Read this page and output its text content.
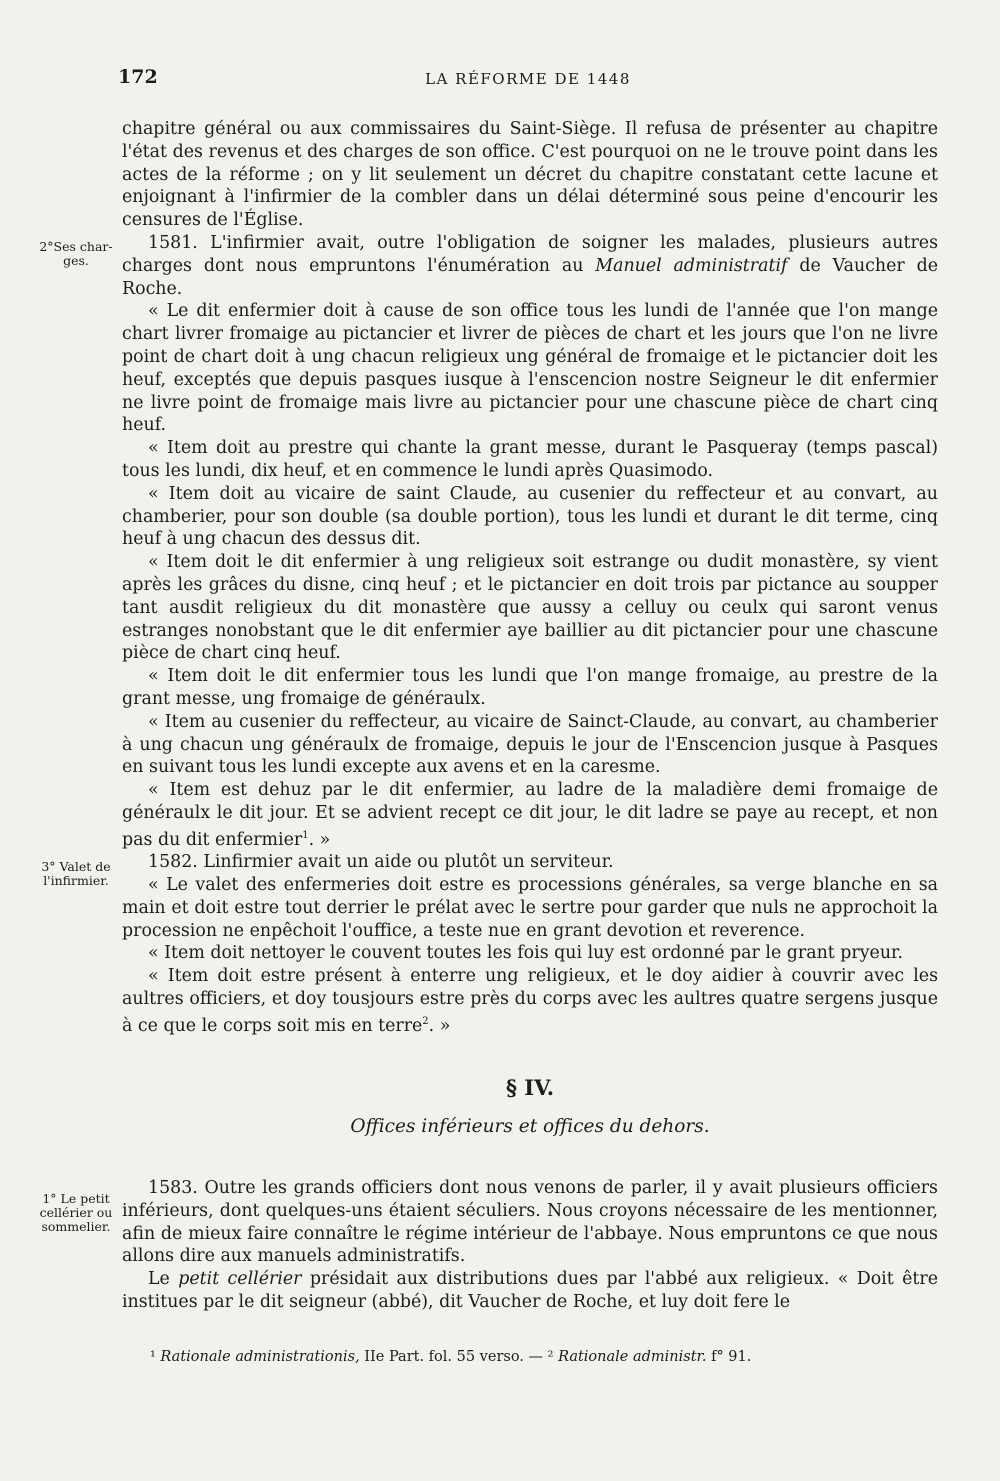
172	LA RÉFORME DE 1448
2°Ses char-ges.
3° Valet de l'infirmier.
1° Le petit cellérier ou sommelier.

chapitre général ou aux commissaires du Saint-Siège. Il refusa de présenter au chapitre l'état des revenus et des charges de son office. C'est pourquoi on ne le trouve point dans les actes de la réforme ; on y lit seulement un décret du chapitre constatant cette lacune et enjoignant à l'infirmier de la combler dans un délai déterminé sous peine d'encourir les censures de l'Église.

1581. L'infirmier avait, outre l'obligation de soigner les malades, plusieurs autres charges dont nous empruntons l'énumération au Manuel administratif de Vaucher de Roche.

« Le dit enfermier doit à cause de son office tous les lundi de l'année que l'on mange chart livrer fromaige au pictancier et livrer de pièces de chart et les jours que l'on ne livre point de chart doit à ung chacun religieux ung général de fromaige et le pictancier doit les heuf, exceptés que depuis pasques iusque à l'enscencion nostre Seigneur le dit enfermier ne livre point de fromaige mais livre au pictancier pour une chascune pièce de chart cinq heuf.

« Item doit au prestre qui chante la grant messe, durant le Pasqueray (temps pascal) tous les lundi, dix heuf, et en commence le lundi après Quasimodo.

« Item doit au vicaire de saint Claude, au cusenier du reffecteur et au convart, au chamberier, pour son double (sa double portion), tous les lundi et durant le dit terme, cinq heuf à ung chacun des dessus dit.

« Item doit le dit enfermier à ung religieux soit estrange ou dudit monastère, sy vient après les grâces du disne, cinq heuf ; et le pictancier en doit trois par pictance au soupper tant ausdit religieux du dit monastère que aussy a celluy ou ceulx qui saront venus estranges nonobstant que le dit enfermier aye baillier au dit pictancier pour une chascune pièce de chart cinq heuf.

« Item doit le dit enfermier tous les lundi que l'on mange fromaige, au prestre de la grant messe, ung fromaige de généraulx.

« Item au cusenier du reffecteur, au vicaire de Sainct-Claude, au convart, au chamberier à ung chacun ung généraulx de fromaige, depuis le jour de l'Enscencion jusque à Pasques en suivant tous les lundi excepte aux avens et en la caresme.

« Item est dehuz par le dit enfermier, au ladre de la maladière demi fromaige de généraulx le dit jour. Et se advient recept ce dit jour, le dit ladre se paye au recept, et non pas du dit enfermier$^1$. »

1582. Linfirmier avait un aide ou plutôt un serviteur.

« Le valet des enfermeries doit estre es processions générales, sa verge blanche en sa main et doit estre tout derrier le prélat avec le sertre pour garder que nuls ne approchoit la procession ne enpêchoit l'ouffice, a teste nue en grant devotion et reverence.

« Item doit nettoyer le couvent toutes les fois qui luy est ordonné par le grant pryeur.

« Item doit estre présent à enterre ung religieux, et le doy aidier à couvrir avec les aultres officiers, et doy tousjours estre près du corps avec les aultres quatre sergens jusque à ce que le corps soit mis en terre$^2$. »

§ IV.

Offices inférieurs et offices du dehors.

1583. Outre les grands officiers dont nous venons de parler, il y avait plusieurs officiers inférieurs, dont quelques-uns étaient séculiers. Nous croyons nécessaire de les mentionner, afin de mieux faire connaître le régime intérieur de l'abbaye. Nous empruntons ce que nous allons dire aux manuels administratifs.

Le petit cellérier présidait aux distributions dues par l'abbé aux religieux. « Doit être institues par le dit seigneur (abbé), dit Vaucher de Roche, et luy doit fere le

¹ Rationale administrationis, IIe Part. fol. 55 verso. — ² Rationale administr. f° 91.
